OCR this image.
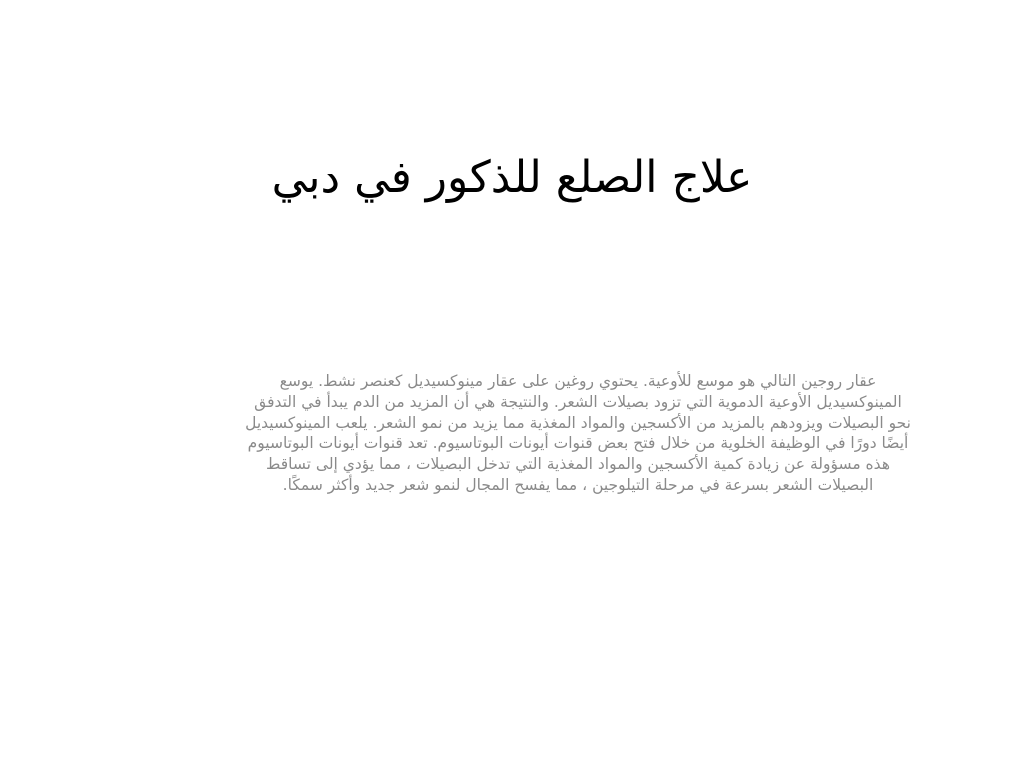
علاج الصلع للذكور في دبي

عقار روجين التالي هو موسع للأوعية. يحتوي روغين على عقار مينوكسيديل كعنصر نشط. يوسع
المينوكسيديل الأوعية الدموية التي تزود بصيلات الشعر. والنتيجة هي أن المزيد من الدم يبدأ في التدفق
نحو البصيلات ويزودهم بالمزيد من الأكسجين والمواد المغذية مما يزيد من نمو الشعر. يلعب المينوكسيديل
أيضًا دورًا في الوظيفة الخلوية من خلال فتح بعض قنوات أيونات البوتاسيوم. تعد قنوات أيونات البوتاسيوم
هذه مسؤولة عن زيادة كمية الأكسجين والمواد المغذية التي تدخل البصيلات ، مما يؤدي إلى تساقط
البصيلات الشعر بسرعة في مرحلة التيلوجين ، مما يفسح المجال لنمو شعر جديد وأكثر سمكًا.
